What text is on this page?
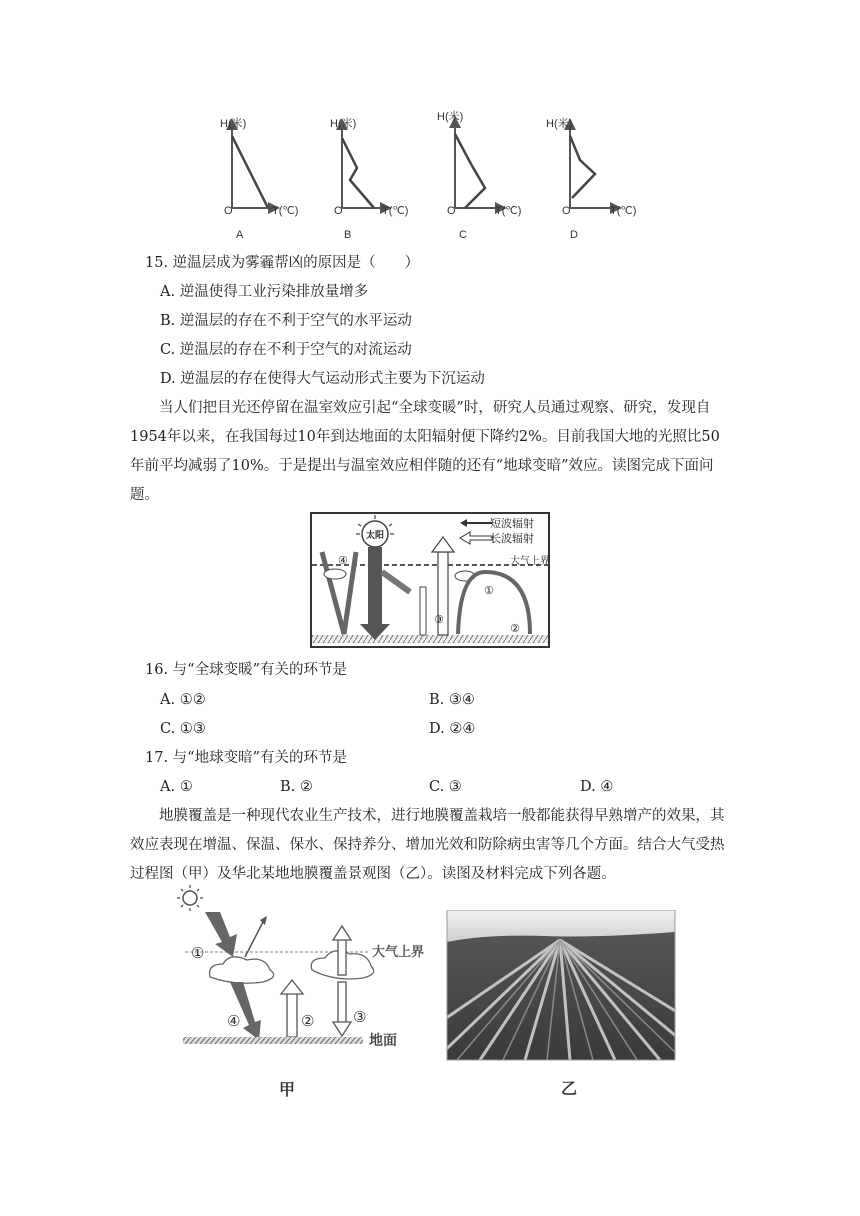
H(米)
O	T(℃)
A
H(米)
O	T(℃)
B
H(米)
O	T(℃)
C
H(米)
O	T(℃)
D
15. 逆温层成为雾霾帮凶的原因是（　　）
A. 逆温使得工业污染排放量增多
B. 逆温层的存在不利于空气的水平运动
C. 逆温层的存在不利于空气的对流运动
D. 逆温层的存在使得大气运动形式主要为下沉运动
当人们把目光还停留在温室效应引起“全球变暖”时，研究人员通过观察、研究，发现自1954年以来，在我国每过10年到达地面的太阳辐射便下降约2%。目前我国大地的光照比50年前平均减弱了10%。于是提出与温室效应相伴随的还有“地球变暗”效应。读图完成下面问题。
大气上界
太阳
短波辐射
长波辐射
④
③
①
②
16. 与“全球变暖”有关的环节是
A. ①②	B. ③④
C. ①③	D. ②④
17. 与“地球变暗”有关的环节是
A. ①	B. ②	C. ③	D. ④
地膜覆盖是一种现代农业生产技术，进行地膜覆盖栽培一般都能获得早熟增产的效果，其效应表现在增温、保温、保水、保持养分、增加光效和防除病虫害等几个方面。结合大气受热过程图（甲）及华北某地地膜覆盖景观图（乙）。读图及材料完成下列各题。
大气上界
①
④	②	③
地面
甲	乙
